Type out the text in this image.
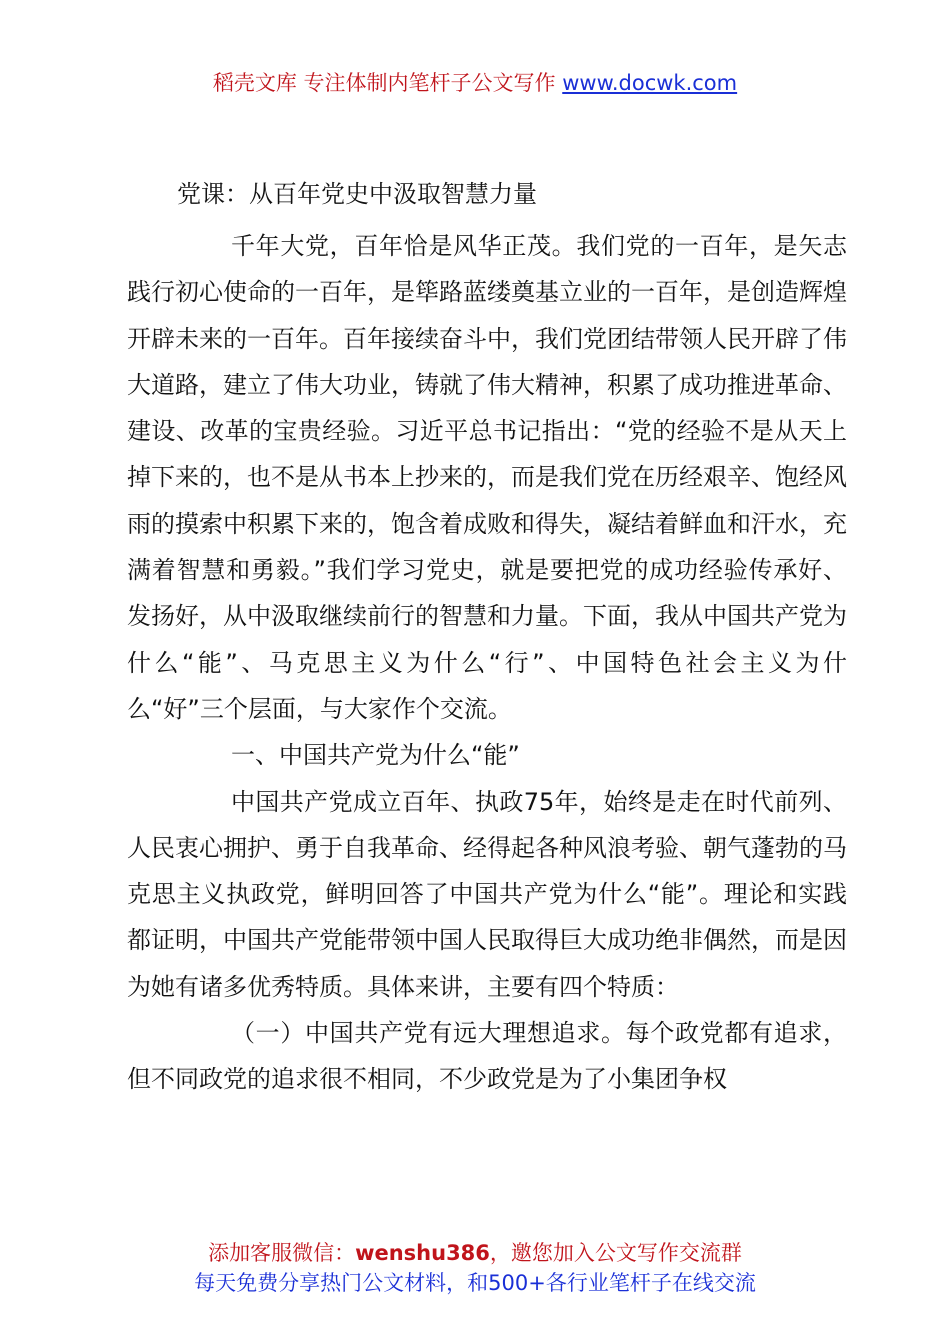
稻壳文库 专注体制内笔杆子公文写作 www.docwk.com
党课：从百年党史中汲取智慧力量

千年大党，百年恰是风华正茂。我们党的一百年，是矢志践行初心使命的一百年，是筚路蓝缕奠基立业的一百年，是创造辉煌开辟未来的一百年。百年接续奋斗中，我们党团结带领人民开辟了伟大道路，建立了伟大功业，铸就了伟大精神，积累了成功推进革命、建设、改革的宝贵经验。习近平总书记指出：“党的经验不是从天上掉下来的，也不是从书本上抄来的，而是我们党在历经艰辛、饱经风雨的摸索中积累下来的，饱含着成败和得失，凝结着鲜血和汗水，充满着智慧和勇毅。”我们学习党史，就是要把党的成功经验传承好、发扬好，从中汲取继续前行的智慧和力量。下面，我从中国共产党为什么“能”、马克思主义为什么“行”、中国特色社会主义为什么“好”三个层面，与大家作个交流。

一、中国共产党为什么“能”

中国共产党成立百年、执政75年，始终是走在时代前列、人民衷心拥护、勇于自我革命、经得起各种风浪考验、朝气蓬勃的马克思主义执政党，鲜明回答了中国共产党为什么“能”。理论和实践都证明，中国共产党能带领中国人民取得巨大成功绝非偶然，而是因为她有诸多优秀特质。具体来讲，主要有四个特质：

（一）中国共产党有远大理想追求。每个政党都有追求，但不同政党的追求很不相同，不少政党是为了小集团争权

添加客服微信：wenshu386，邀您加入公文写作交流群
每天免费分享热门公文材料，和500+各行业笔杆子在线交流
